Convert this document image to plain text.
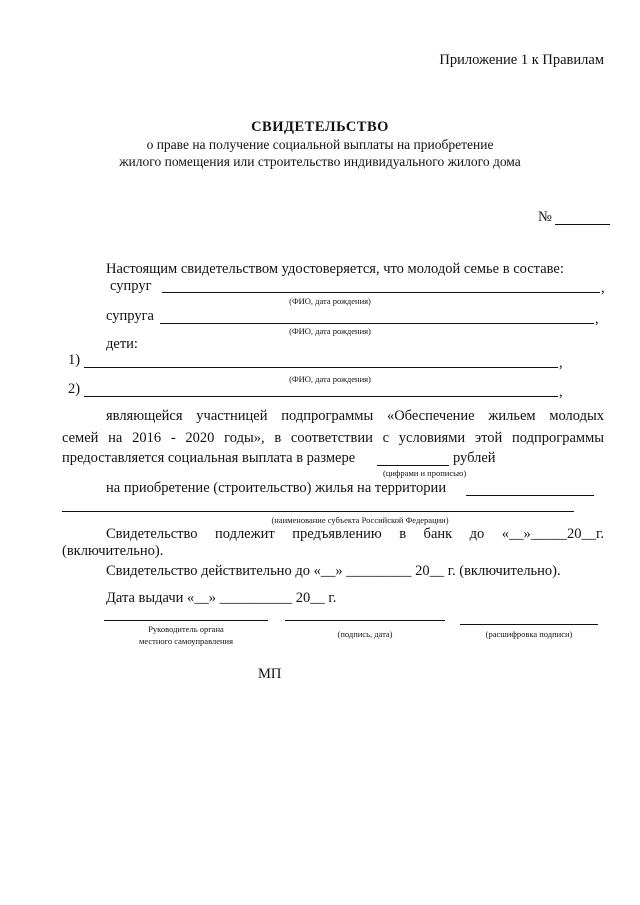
Приложение 1 к Правилам
СВИДЕТЕЛЬСТВО
о праве на получение социальной выплаты на приобретение
жилого помещения или строительство индивидуального жилого дома
№
Настоящим свидетельством удостоверяется, что молодой семье в составе:
супруг	,
(ФИО, дата рождения)
супруга	,
(ФИО, дата рождения)
дети:
1)	,
(ФИО, дата рождения)
2)	,
являющейся участницей подпрограммы «Обеспечение жильем молодых
семей на 2016 - 2020 годы», в соответствии с условиями этой подпрограммы
предоставляется социальная выплата в размере	рублей
(цифрами и прописью)
на приобретение (строительство) жилья на территории
(наименование субъекта Российской Федерации)
Свидетельство подлежит предъявлению в банк до «__»_____20__г.
(включительно).
Свидетельство действительно до «__» _________ 20__ г. (включительно).
Дата выдачи «__» __________ 20__ г.
Руководитель органа
местного самоуправления
(подпись, дата)	(расшифровка подписи)
МП
